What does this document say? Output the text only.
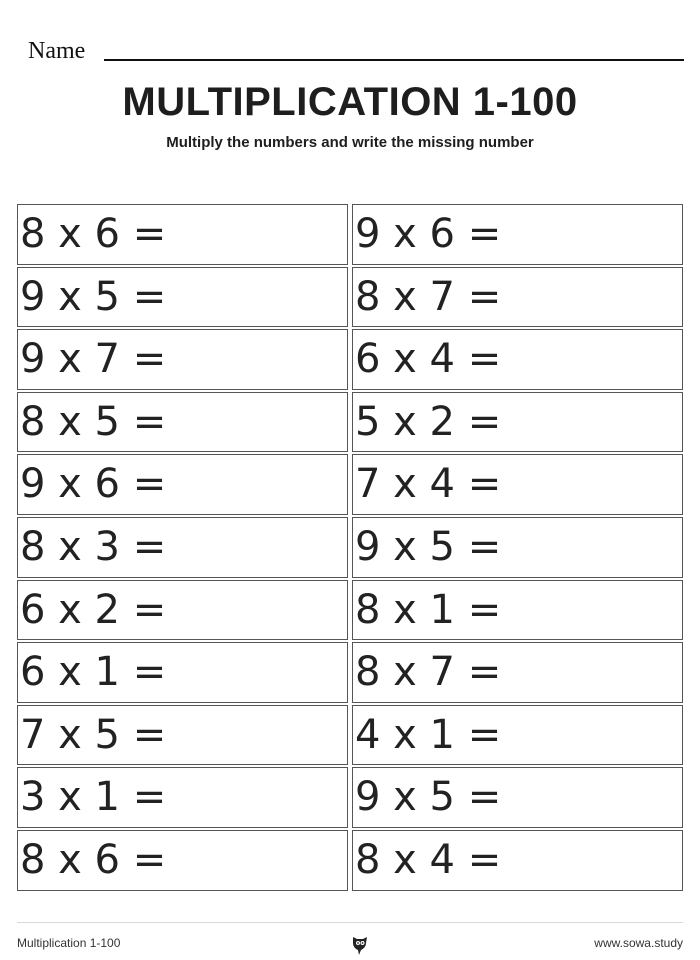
Name
MULTIPLICATION 1-100
Multiply the numbers and write the missing number
8 x 6 =	9 x 6 =
9 x 5 =	8 x 7 =
9 x 7 =	6 x 4 =
8 x 5 =	5 x 2 =
9 x 6 =	7 x 4 =
8 x 3 =	9 x 5 =
6 x 2 =	8 x 1 =
6 x 1 =	8 x 7 =
7 x 5 =	4 x 1 =
3 x 1 =	9 x 5 =
8 x 6 =	8 x 4 =
Multiplication 1-100	www.sowa.study
